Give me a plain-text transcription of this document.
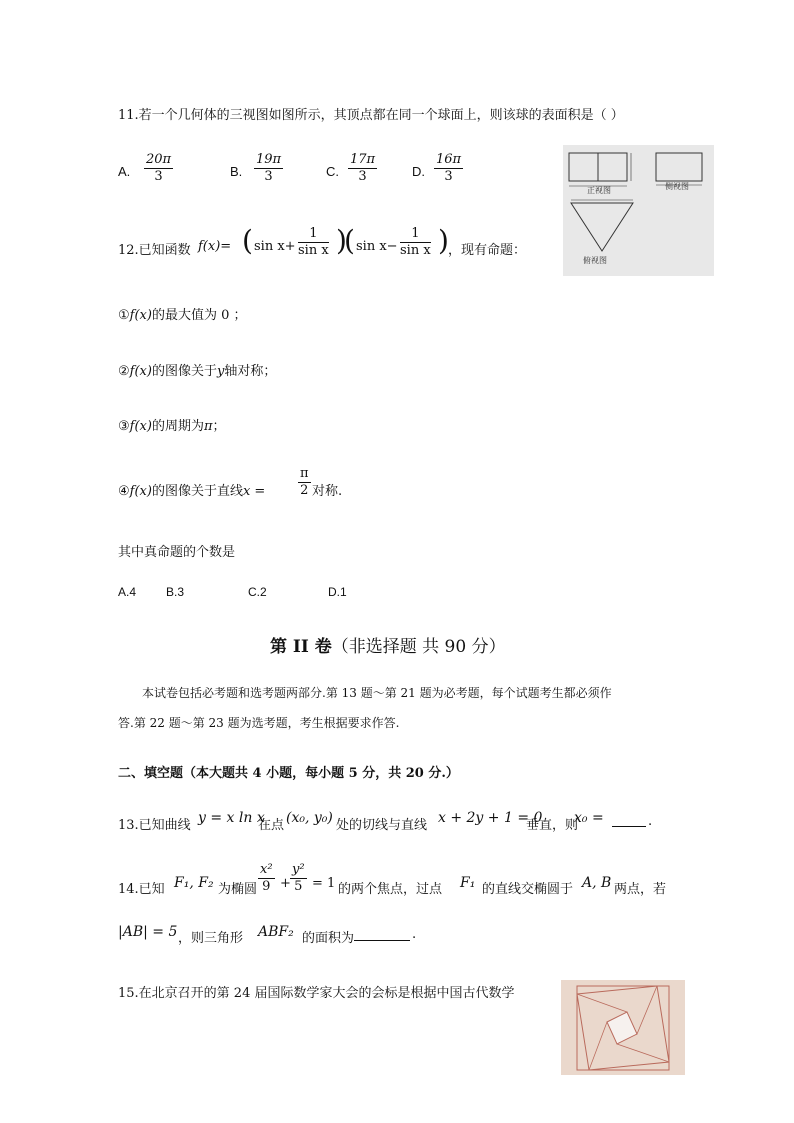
11.若一个几何体的三视图如图所示，其顶点都在同一个球面上，则该球的表面积是（ ）
A. $\frac{20\pi}{3}$	B. $\frac{19\pi}{3}$	C. $\frac{17\pi}{3}$	D. $\frac{16\pi}{3}$
正视图	侧视图
俯视图
12.已知函数 f(x)= ( $\sin x+ \frac{1}{\text{sin x}}$ )
( $\sin x- \frac{1}{\text{sin x}}$ ) ，现有命题：
①f(x)的最大值为 0 ；
②f(x)的图像关于y轴对称；
③f(x)的周期为π；
④f(x)的图像关于直线x =	$\frac{\pi}{2}$ 对称.
其中真命题的个数是
A.4 B.3	C.2	D.1
第 II 卷（非选择题 共 90 分）
本试卷包括必考题和选考题两部分.第 13 题～第 21 题为必考题，每个试题考生都必须作
答.第 22 题～第 23 题为选考题，考生根据要求作答.
二、填空题（本大题共 4 小题，每小题 5 分，共 20 分.）
13.已知曲线 y = x ln x
在点 (x₀, y₀) 处的切线与直线 x + 2y + 1 = 0
垂直，则
x₀ =	.
14.已知 F₁, F₂ 为椭圆 $\frac{\text{x²}}{9} + \frac{\text{y²}}{5} = 1$ 的两个焦点，过点 F₁ 的直线交椭圆于 A, B 两点，若
|AB| = 5 ，则三角形 ABF₂ 的面积为	.
15.在北京召开的第 24 届国际数学家大会的会标是根据中国古代数学
